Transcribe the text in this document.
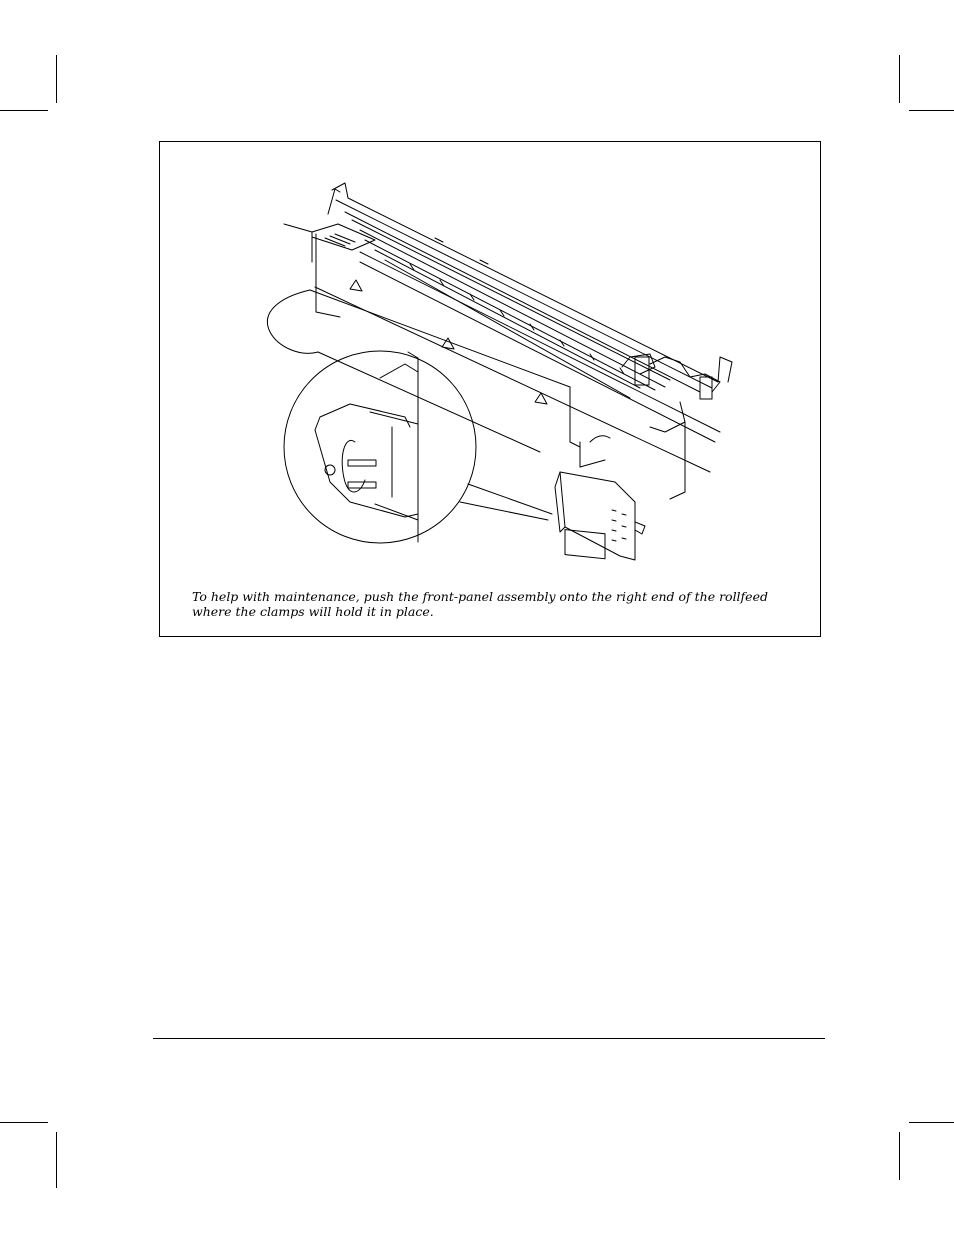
To help with maintenance, push the front-panel assembly onto the right end of the rollfeed
where the clamps will hold it in place.
